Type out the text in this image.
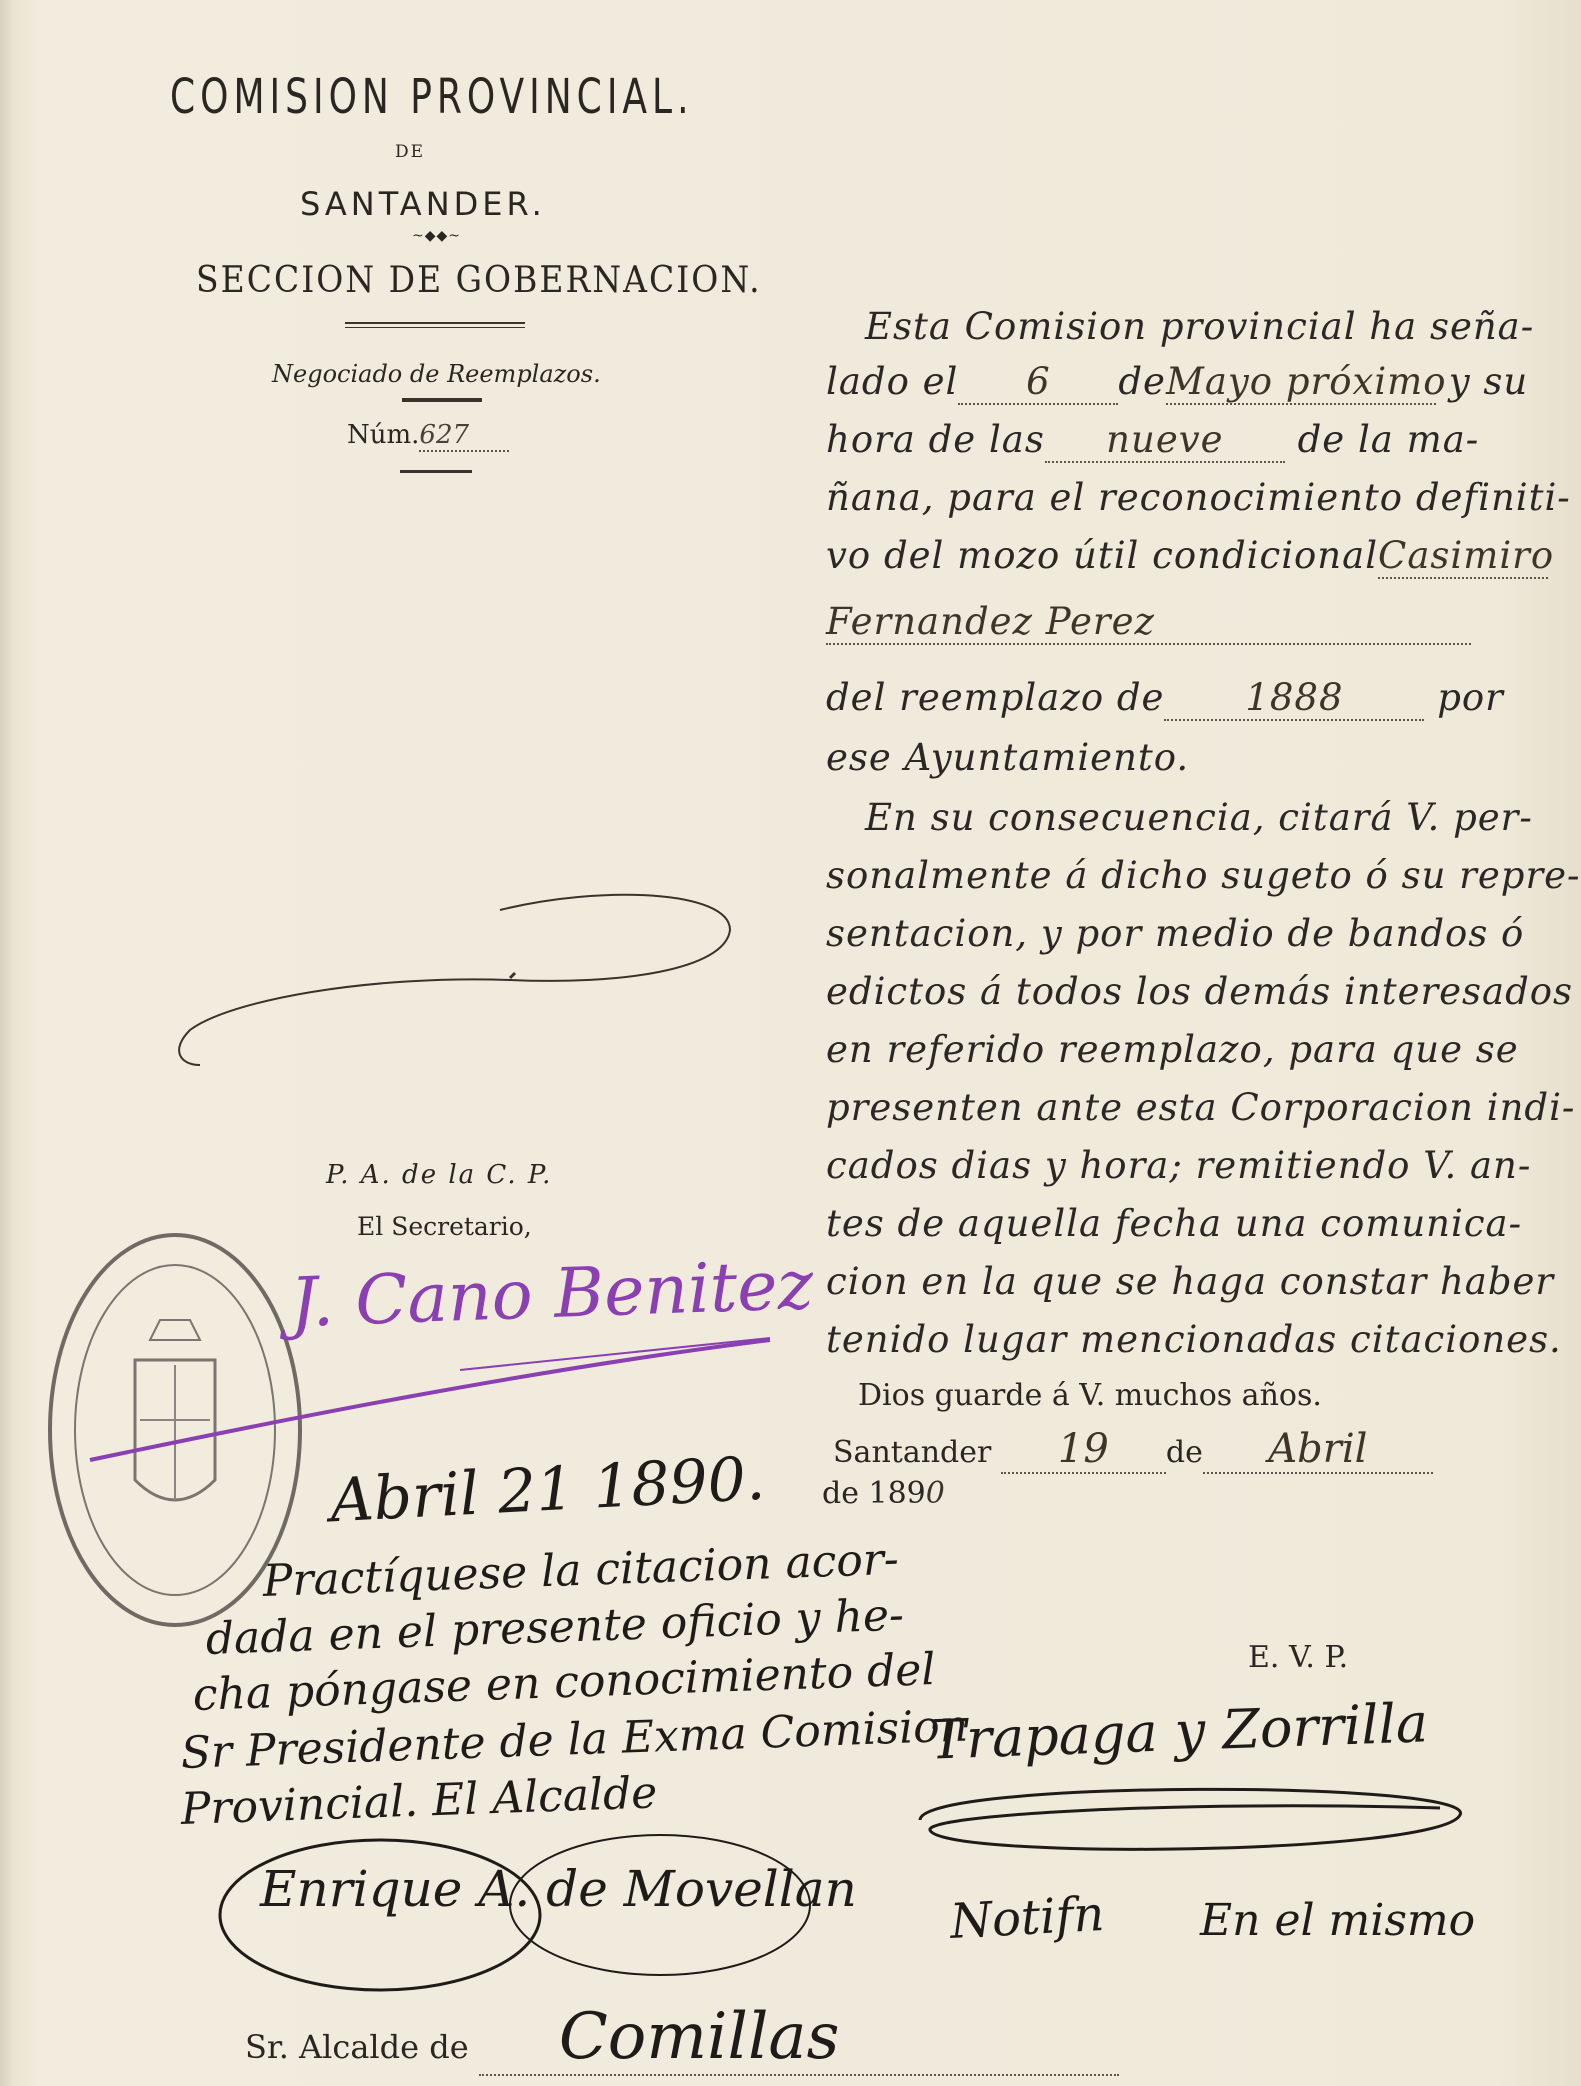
COMISION PROVINCIAL.
DE
SANTANDER.
~◆◆~
SECCION DE GOBERNACION.
Negociado de Reemplazos.
Núm.627
Esta Comision provincial ha seña-
lado el 6 deMayo próximo y su
hora de las nueve de la ma-
ñana, para el reconocimiento definiti-
vo del mozo útil condicionalCasimiro
Fernandez Perez
del reemplazo de 1888	por
ese Ayuntamiento.
En su consecuencia, citará V. per-
sonalmente á dicho sugeto ó su repre-
sentacion, y por medio de bandos ó
edictos á todos los demás interesados
en referido reemplazo, para que se
presenten ante esta Corporacion indi-
cados dias y hora; remitiendo V. an-
tes de aquella fecha una comunica-
cion en la que se haga constar haber
tenido lugar mencionadas citaciones.
Dios guarde á V. muchos años.
Santander 19 de Abril
de 1890
P. A. de la C. P.
El Secretario,
J. Cano Benitez
Abril 21 1890.
Practíquese la citacion acor-
dada en el presente oficio y he-
cha póngase en conocimiento del
Sr Presidente de la Exma Comision
Provincial. El Alcalde
Enrique A. de Movellan
E. V. P.
Trapaga y Zorrilla
Notifn En el mismo
Sr. Alcalde de Comillas
